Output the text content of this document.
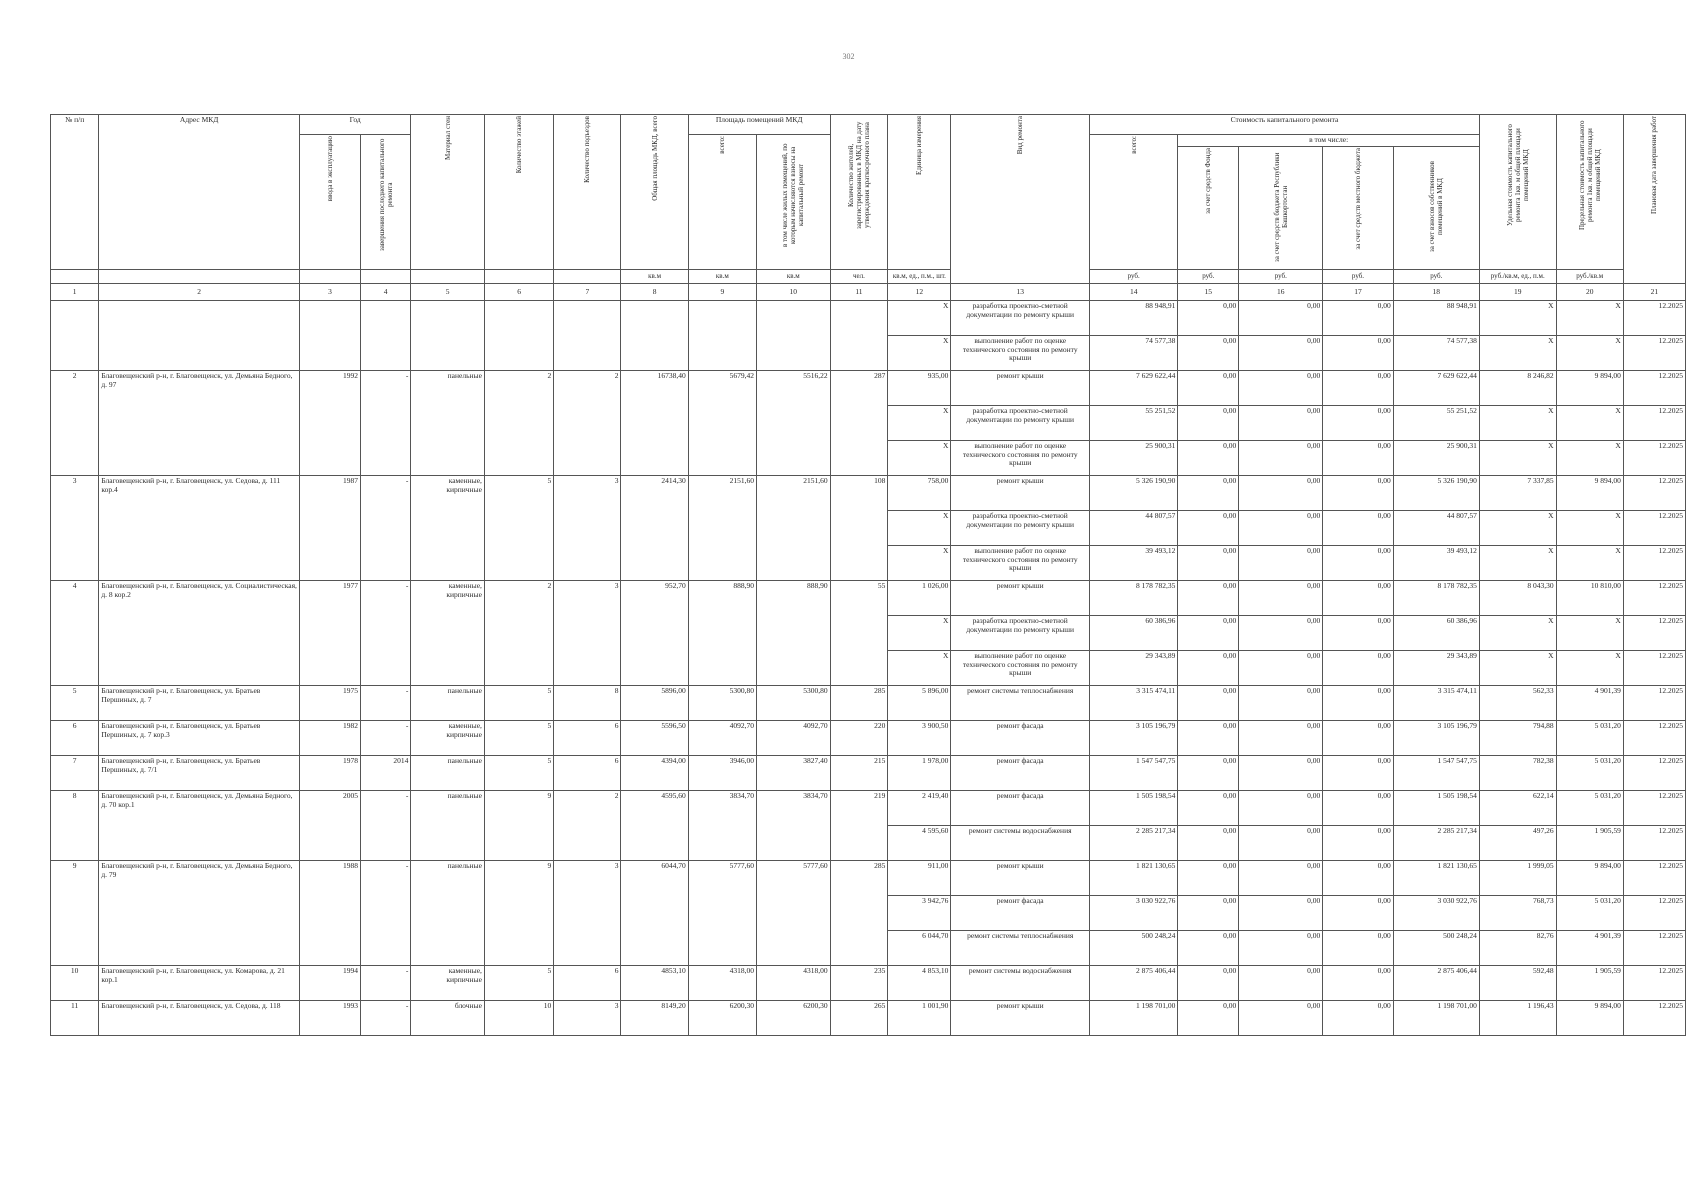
302
№ п/п	Адрес МКД	Год		Материал стен	Количество этажей	Количество подъездов	Общая площадь МКД, всего	Площадь помещений МКД		Количество жителей, зарегистрированных в МКД на дату утверждения краткосрочного плана	Единица измерения	Вид ремонта	Стоимость капитального ремонта					Удельная стоимость капитального ремонта 1кв. м общей площади помещений МКД	Предельная стоимость капитального ремонта 1кв. м общей площади помещений МКД	Плановая дата завершения работ
		ввода в эксплуатацию	завершения последнего капитального ремонта					всего:	в том числе жилых помещений, по которым начисляются взносы на капитальный ремонт				всего:	в том числе:						
														за счет средств Фонда	за счет средств бюджета Республики Башкортостан	за счет средств местного бюджета	за счет взносов собственников помещений в МКД			
							кв.м	кв.м	кв.м	чел.	кв.м, ед., п.м., шт.		руб.	руб.	руб.	руб.	руб.	руб./кв.м, ед., п.м.	руб./кв.м	
1	2	3	4	5	6	7	8	9	10	11	12	13	14	15	16	17	18	19	20	21
											X	разработка проектно-сметной документации по ремонту крыши	88 948,91	0,00	0,00	0,00	88 948,91	X	X	12.2025
											X	выполнение работ по оценке технического состояния по ремонту крыши	74 577,38	0,00	0,00	0,00	74 577,38	X	X	12.2025
2	Благовещенский р-н, г. Благовещенск, ул. Демьяна Бедного, д. 97	1992	-	панельные	2	2	16738,40	5679,42	5516,22	287	935,00	ремонт крыши	7 629 622,44	0,00	0,00	0,00	7 629 622,44	8 246,82	9 894,00	12.2025
											X	разработка проектно-сметной документации по ремонту крыши	55 251,52	0,00	0,00	0,00	55 251,52	X	X	12.2025
											X	выполнение работ по оценке технического состояния по ремонту крыши	25 900,31	0,00	0,00	0,00	25 900,31	X	X	12.2025
3	Благовещенский р-н, г. Благовещенск, ул. Седова, д. 111 кор.4	1987	-	каменные, кирпичные	5	3	2414,30	2151,60	2151,60	108	758,00	ремонт крыши	5 326 190,90	0,00	0,00	0,00	5 326 190,90	7 337,85	9 894,00	12.2025
											X	разработка проектно-сметной документации по ремонту крыши	44 807,57	0,00	0,00	0,00	44 807,57	X	X	12.2025
											X	выполнение работ по оценке технического состояния по ремонту крыши	39 493,12	0,00	0,00	0,00	39 493,12	X	X	12.2025
4	Благовещенский р-н, г. Благовещенск, ул. Социалистическая, д. 8 кор.2	1977	-	каменные, кирпичные	2	3	952,70	888,90	888,90	55	1 026,00	ремонт крыши	8 178 782,35	0,00	0,00	0,00	8 178 782,35	8 043,30	10 810,00	12.2025
											X	разработка проектно-сметной документации по ремонту крыши	60 386,96	0,00	0,00	0,00	60 386,96	X	X	12.2025
											X	выполнение работ по оценке технического состояния по ремонту крыши	29 343,89	0,00	0,00	0,00	29 343,89	X	X	12.2025
5	Благовещенский р-н, г. Благовещенск, ул. Братьев Першиных, д. 7	1975	-	панельные	5	8	5896,00	5300,80	5300,80	285	5 896,00	ремонт системы теплоснабжения	3 315 474,11	0,00	0,00	0,00	3 315 474,11	562,33	4 901,39	12.2025
6	Благовещенский р-н, г. Благовещенск, ул. Братьев Першиных, д. 7 кор.3	1982	-	каменные, кирпичные	5	6	5596,50	4092,70	4092,70	220	3 900,50	ремонт фасада	3 105 196,79	0,00	0,00	0,00	3 105 196,79	794,88	5 031,20	12.2025
7	Благовещенский р-н, г. Благовещенск, ул. Братьев Першиных, д. 7/1	1978	2014	панельные	5	6	4394,00	3946,00	3827,40	215	1 978,00	ремонт фасада	1 547 547,75	0,00	0,00	0,00	1 547 547,75	782,38	5 031,20	12.2025
8	Благовещенский р-н, г. Благовещенск, ул. Демьяна Бедного, д. 70 кор.1	2005	-	панельные	9	2	4595,60	3834,70	3834,70	219	2 419,40	ремонт фасада	1 505 198,54	0,00	0,00	0,00	1 505 198,54	622,14	5 031,20	12.2025
											4 595,60	ремонт системы водоснабжения	2 285 217,34	0,00	0,00	0,00	2 285 217,34	497,26	1 905,59	12.2025
9	Благовещенский р-н, г. Благовещенск, ул. Демьяна Бедного, д. 79	1988	-	панельные	9	3	6044,70	5777,60	5777,60	285	911,00	ремонт крыши	1 821 130,65	0,00	0,00	0,00	1 821 130,65	1 999,05	9 894,00	12.2025
											3 942,76	ремонт фасада	3 030 922,76	0,00	0,00	0,00	3 030 922,76	768,73	5 031,20	12.2025
											6 044,70	ремонт системы теплоснабжения	500 248,24	0,00	0,00	0,00	500 248,24	82,76	4 901,39	12.2025
10	Благовещенский р-н, г. Благовещенск, ул. Комарова, д. 21 кор.1	1994	-	каменные, кирпичные	5	6	4853,10	4318,00	4318,00	235	4 853,10	ремонт системы водоснабжения	2 875 406,44	0,00	0,00	0,00	2 875 406,44	592,48	1 905,59	12.2025
11	Благовещенский р-н, г. Благовещенск, ул. Седова, д. 118	1993	-	блочные	10	3	8149,20	6200,30	6200,30	265	1 001,90	ремонт крыши	1 198 701,00	0,00	0,00	0,00	1 198 701,00	1 196,43	9 894,00	12.2025
